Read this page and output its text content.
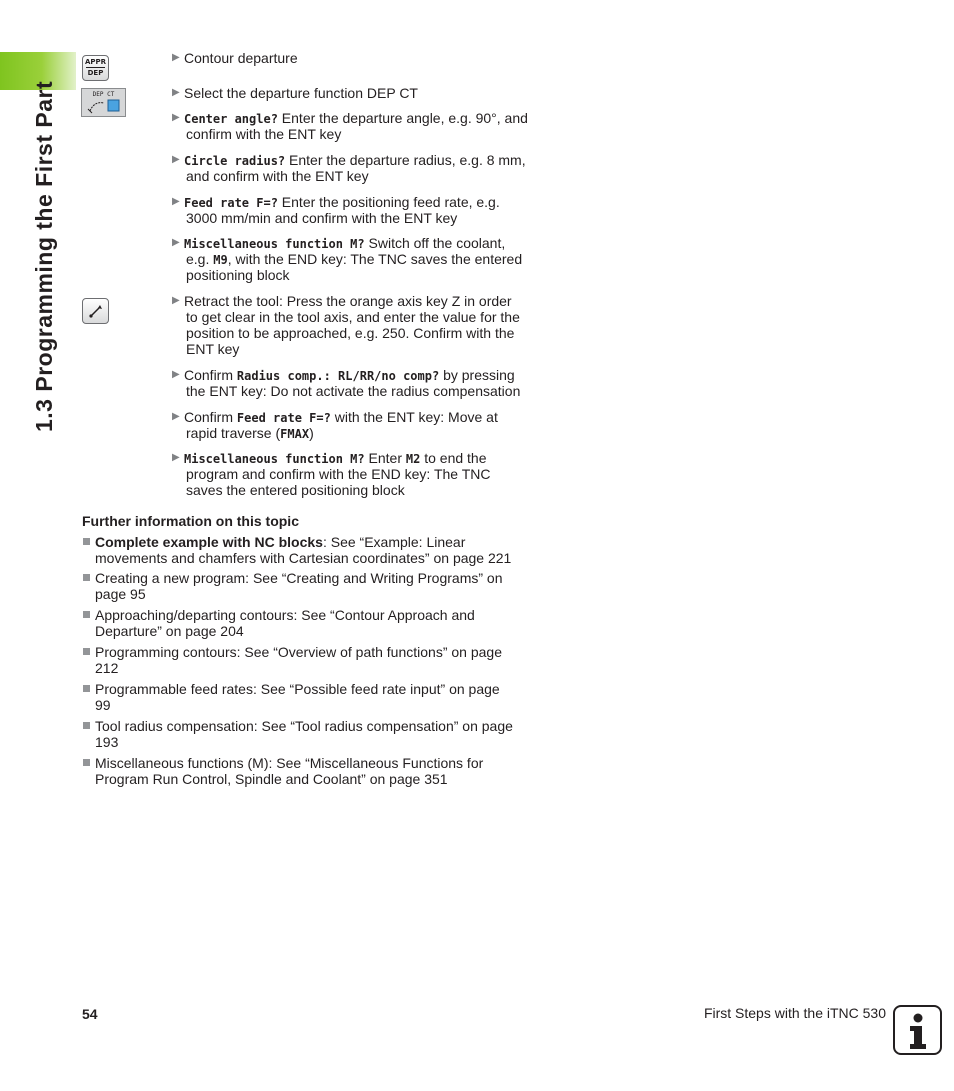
1.3 Programming the First Part
APPR
DEP
DEP CT
▶ Contour departure
▶ Select the departure function DEP CT
▶ Center angle? Enter the departure angle, e.g. 90°, and
confirm with the ENT key
▶ Circle radius? Enter the departure radius, e.g. 8 mm,
and confirm with the ENT key
▶ Feed rate F=? Enter the positioning feed rate, e.g.
3000 mm/min and confirm with the ENT key
▶ Miscellaneous function M? Switch off the coolant,
e.g. M9, with the END key: The TNC saves the entered
positioning block
▶ Retract the tool: Press the orange axis key Z in order
to get clear in the tool axis, and enter the value for the
position to be approached, e.g. 250. Confirm with the
ENT key
▶ Confirm Radius comp.: RL/RR/no comp? by pressing
the ENT key: Do not activate the radius compensation
▶ Confirm Feed rate F=? with the ENT key: Move at
rapid traverse (FMAX)
▶ Miscellaneous function M? Enter M2 to end the
program and confirm with the END key: The TNC
saves the entered positioning block
Further information on this topic
Complete example with NC blocks: See “Example: Linear
movements and chamfers with Cartesian coordinates” on page 221
Creating a new program: See “Creating and Writing Programs” on
page 95
Approaching/departing contours: See “Contour Approach and
Departure” on page 204
Programming contours: See “Overview of path functions” on page
212
Programmable feed rates: See “Possible feed rate input” on page
99
Tool radius compensation: See “Tool radius compensation” on page
193
Miscellaneous functions (M): See “Miscellaneous Functions for
Program Run Control, Spindle and Coolant” on page 351
54	First Steps with the iTNC 530
